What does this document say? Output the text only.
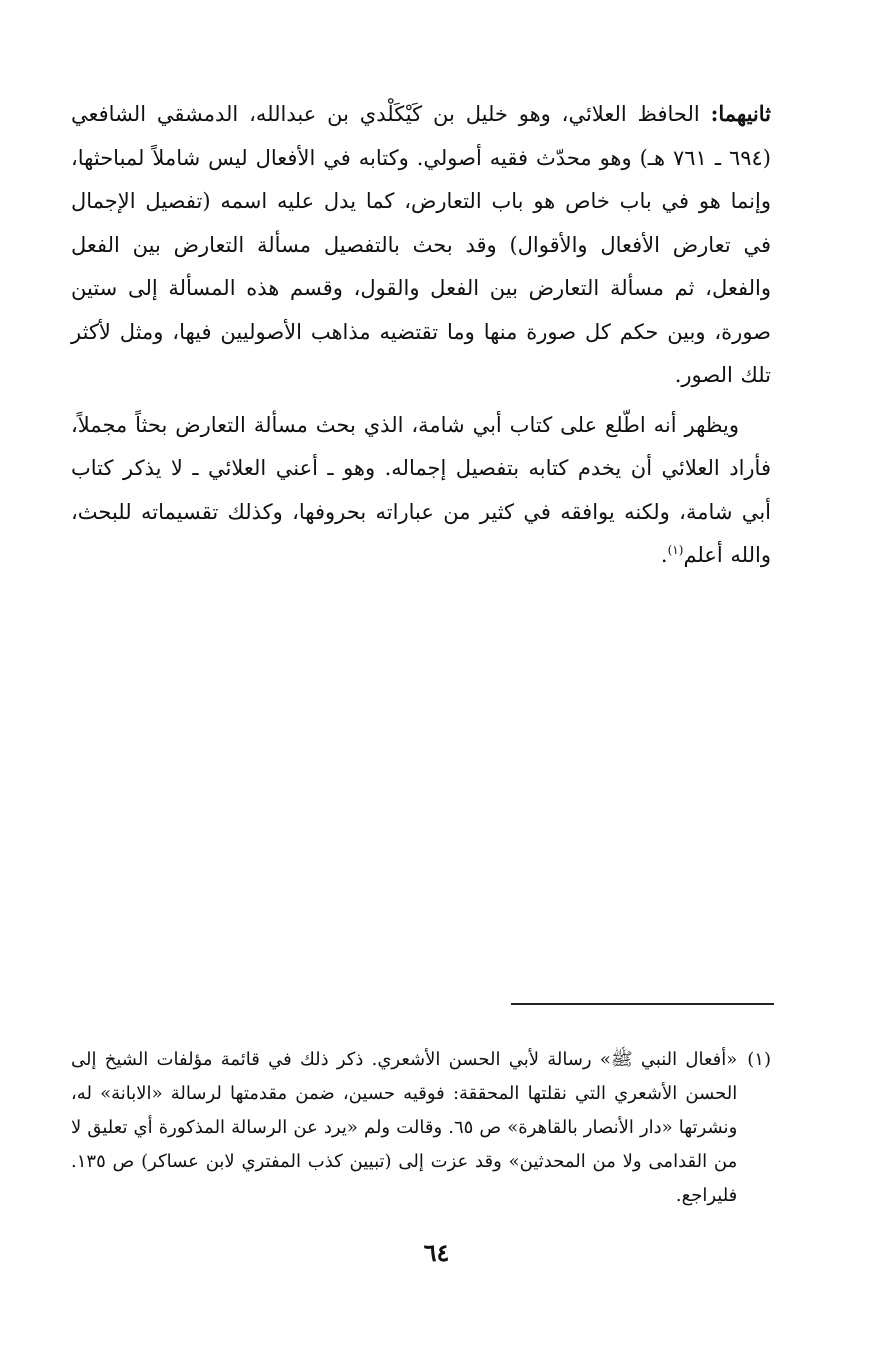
ثانيهما: الحافظ العلائي، وهو خليل بن كَيْكَلْدي بن عبدالله، الدمشقي الشافعي (٦٩٤ ـ ٧٦١ هـ) وهو محدّث فقيه أصولي. وكتابه في الأفعال ليس شاملاً لمباحثها، وإنما هو في باب خاص هو باب التعارض، كما يدل عليه اسمه (تفصيل الإجمال في تعارض الأفعال والأقوال) وقد بحث بالتفصيل مسألة التعارض بين الفعل والفعل، ثم مسألة التعارض بين الفعل والقول، وقسم هذه المسألة إلى ستين صورة، وبين حكم كل صورة منها وما تقتضيه مذاهب الأصوليين فيها، ومثل لأكثر تلك الصور.

ويظهر أنه اطّلع على كتاب أبي شامة، الذي بحث مسألة التعارض بحثاً مجملاً، فأراد العلائي أن يخدم كتابه بتفصيل إجماله. وهو ـ أعني العلائي ـ لا يذكر كتاب أبي شامة، ولكنه يوافقه في كثير من عباراته بحروفها، وكذلك تقسيماته للبحث، والله أعلم$^{(١)}$.

(١)

«أفعال النبي ﷺ» رسالة لأبي الحسن الأشعري. ذكر ذلك في قائمة مؤلفات الشيخ إلى الحسن الأشعري التي نقلتها المحققة: فوقيه حسين، ضمن مقدمتها لرسالة «الابانة» له، ونشرتها «دار الأنصار بالقاهرة» ص ٦٥. وقالت ولم «يرد عن الرسالة المذكورة أي تعليق لا من القدامى ولا من المحدثين» وقد عزت إلى (تبيين كذب المفتري لابن عساكر) ص ١٣٥. فليراجع.

٦٤
